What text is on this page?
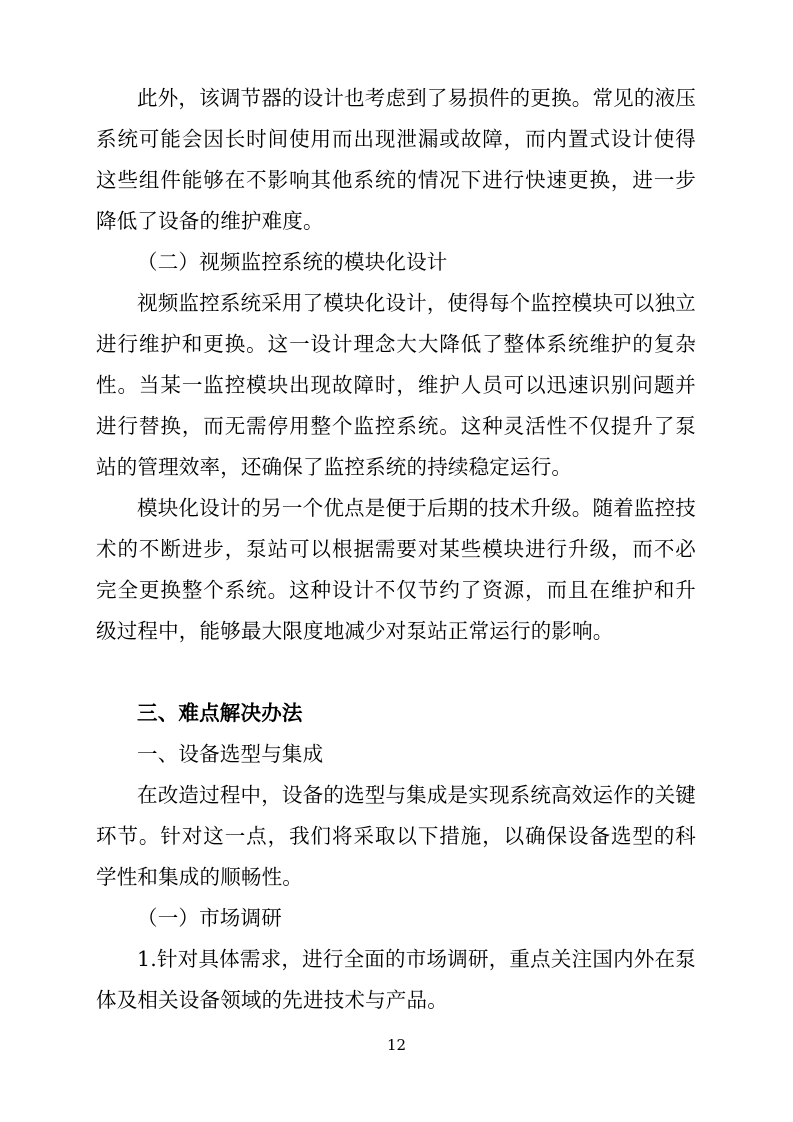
此外，该调节器的设计也考虑到了易损件的更换。常见的液压系统可能会因长时间使用而出现泄漏或故障，而内置式设计使得这些组件能够在不影响其他系统的情况下进行快速更换，进一步降低了设备的维护难度。

（二）视频监控系统的模块化设计

视频监控系统采用了模块化设计，使得每个监控模块可以独立进行维护和更换。这一设计理念大大降低了整体系统维护的复杂性。当某一监控模块出现故障时，维护人员可以迅速识别问题并进行替换，而无需停用整个监控系统。这种灵活性不仅提升了泵站的管理效率，还确保了监控系统的持续稳定运行。

模块化设计的另一个优点是便于后期的技术升级。随着监控技术的不断进步，泵站可以根据需要对某些模块进行升级，而不必完全更换整个系统。这种设计不仅节约了资源，而且在维护和升级过程中，能够最大限度地减少对泵站正常运行的影响。

三、难点解决办法

一、设备选型与集成

在改造过程中，设备的选型与集成是实现系统高效运作的关键环节。针对这一点，我们将采取以下措施，以确保设备选型的科学性和集成的顺畅性。

（一）市场调研

1.针对具体需求，进行全面的市场调研，重点关注国内外在泵体及相关设备领域的先进技术与产品。

12
